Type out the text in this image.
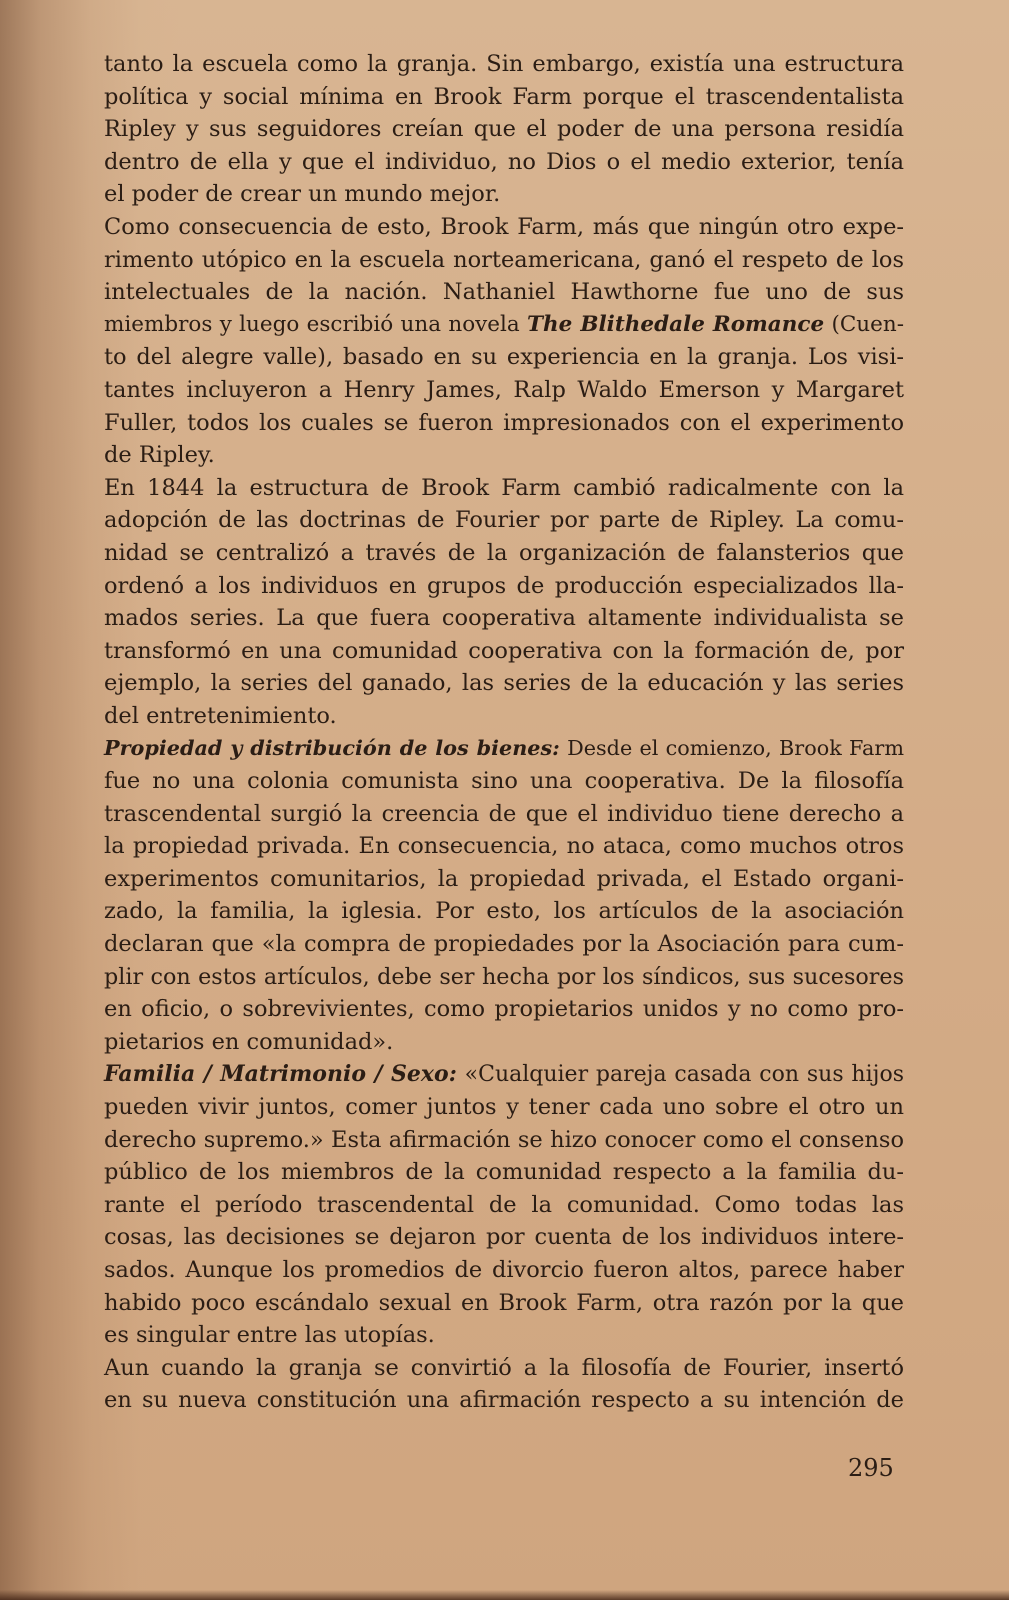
tanto la escuela como la granja. Sin embargo, existía una estructura
política y social mínima en Brook Farm porque el trascendentalista
Ripley y sus seguidores creían que el poder de una persona residía
dentro de ella y que el individuo, no Dios o el medio exterior, tenía
el poder de crear un mundo mejor.
Como consecuencia de esto, Brook Farm, más que ningún otro expe-
rimento utópico en la escuela norteamericana, ganó el respeto de los
intelectuales de la nación. Nathaniel Hawthorne fue uno de sus
miembros y luego escribió una novela The Blithedale Romance (Cuen-
to del alegre valle), basado en su experiencia en la granja. Los visi-
tantes incluyeron a Henry James, Ralp Waldo Emerson y Margaret
Fuller, todos los cuales se fueron impresionados con el experimento
de Ripley.
En 1844 la estructura de Brook Farm cambió radicalmente con la
adopción de las doctrinas de Fourier por parte de Ripley. La comu-
nidad se centralizó a través de la organización de falansterios que
ordenó a los individuos en grupos de producción especializados lla-
mados series. La que fuera cooperativa altamente individualista se
transformó en una comunidad cooperativa con la formación de, por
ejemplo, la series del ganado, las series de la educación y las series
del entretenimiento.
Propiedad y distribución de los bienes: Desde el comienzo, Brook Farm
fue no una colonia comunista sino una cooperativa. De la filosofía
trascendental surgió la creencia de que el individuo tiene derecho a
la propiedad privada. En consecuencia, no ataca, como muchos otros
experimentos comunitarios, la propiedad privada, el Estado organi-
zado, la familia, la iglesia. Por esto, los artículos de la asociación
declaran que «la compra de propiedades por la Asociación para cum-
plir con estos artículos, debe ser hecha por los síndicos, sus sucesores
en oficio, o sobrevivientes, como propietarios unidos y no como pro-
pietarios en comunidad».
Familia / Matrimonio / Sexo: «Cualquier pareja casada con sus hijos
pueden vivir juntos, comer juntos y tener cada uno sobre el otro un
derecho supremo.» Esta afirmación se hizo conocer como el consenso
público de los miembros de la comunidad respecto a la familia du-
rante el período trascendental de la comunidad. Como todas las
cosas, las decisiones se dejaron por cuenta de los individuos intere-
sados. Aunque los promedios de divorcio fueron altos, parece haber
habido poco escándalo sexual en Brook Farm, otra razón por la que
es singular entre las utopías.
Aun cuando la granja se convirtió a la filosofía de Fourier, insertó
en su nueva constitución una afirmación respecto a su intención de
295
